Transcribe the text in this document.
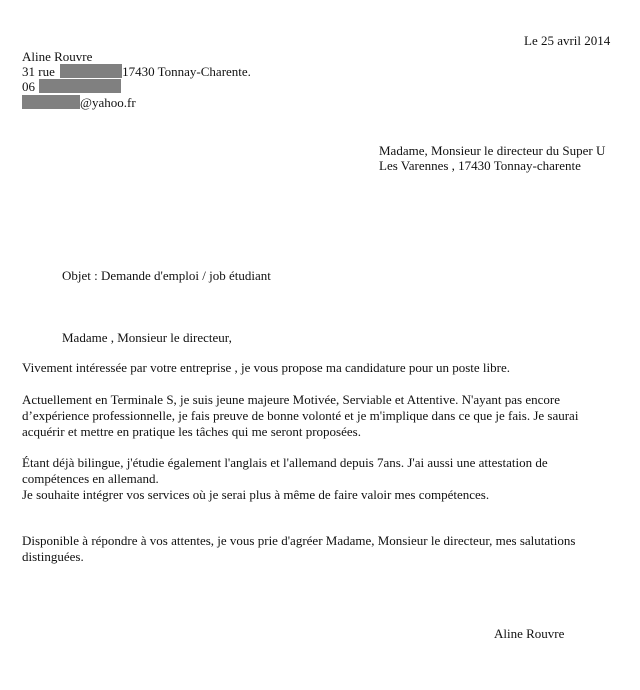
Le 25 avril 2014
Aline Rouvre
31 rue	17430 Tonnay-Charente.
06
@yahoo.fr
Madame, Monsieur le directeur du Super U
Les Varennes , 17430 Tonnay-charente
Objet : Demande d'emploi / job étudiant
Madame , Monsieur le directeur,

Vivement intéressée par votre entreprise , je vous propose ma candidature pour un poste libre.

Actuellement en Terminale S, je suis jeune majeure Motivée, Serviable et Attentive. N'ayant pas encore

d’expérience professionnelle, je fais preuve de bonne volonté et je m'implique dans ce que je fais. Je saurai

acquérir et mettre en pratique les tâches qui me seront proposées.

Étant déjà bilingue, j'étudie également l'anglais et l'allemand depuis 7ans. J'ai aussi une attestation de

compétences en allemand.

Je souhaite intégrer vos services où je serai plus à même de faire valoir mes compétences.

Disponible à répondre à vos attentes, je vous prie d'agréer Madame, Monsieur le directeur, mes salutations

distinguées.

Aline Rouvre
